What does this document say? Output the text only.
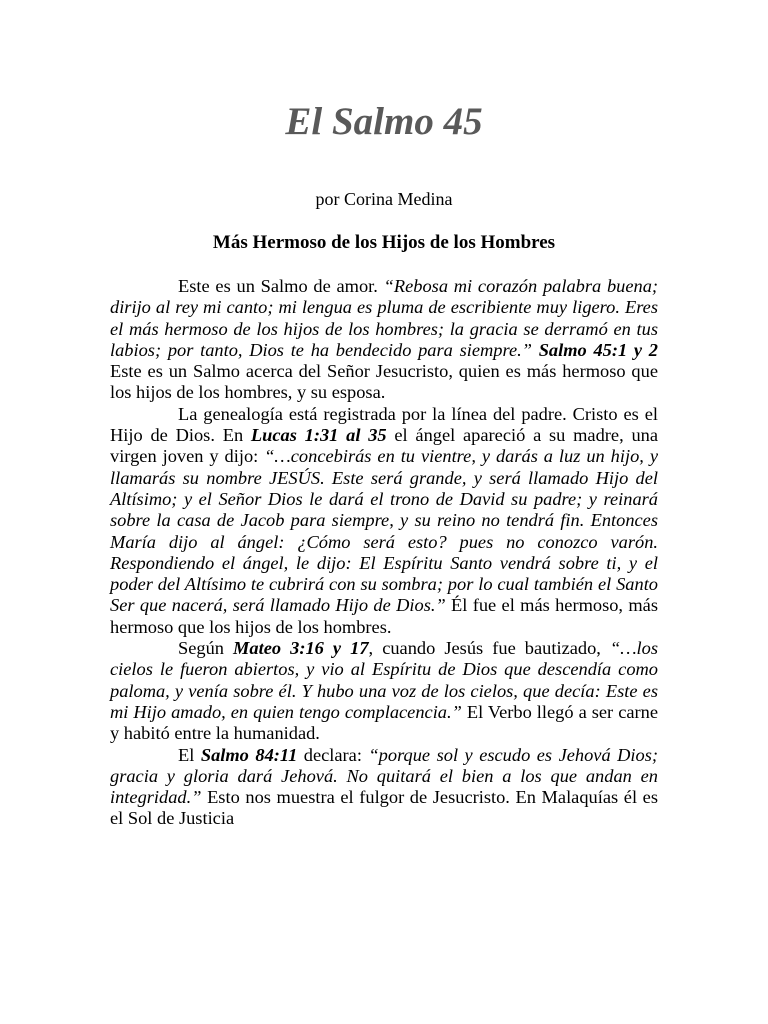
El Salmo 45
por Corina Medina
Más Hermoso de los Hijos de los Hombres

Este es un Salmo de amor. “Rebosa mi corazón palabra buena; dirijo al rey mi canto; mi lengua es pluma de escribiente muy ligero. Eres el más hermoso de los hijos de los hombres; la gracia se derramó en tus labios; por tanto, Dios te ha bendecido para siempre.” Salmo 45:1 y 2 Este es un Salmo acerca del Señor Jesucristo, quien es más hermoso que los hijos de los hombres, y su esposa.

La genealogía está registrada por la línea del padre. Cristo es el Hijo de Dios. En Lucas 1:31 al 35 el ángel apareció a su madre, una virgen joven y dijo: “…concebirás en tu vientre, y darás a luz un hijo, y llamarás su nombre JESÚS. Este será grande, y será llamado Hijo del Altísimo; y el Señor Dios le dará el trono de David su padre; y reinará sobre la casa de Jacob para siempre, y su reino no tendrá fin. Entonces María dijo al ángel: ¿Cómo será esto? pues no conozco varón. Respondiendo el ángel, le dijo: El Espíritu Santo vendrá sobre ti, y el poder del Altísimo te cubrirá con su sombra; por lo cual también el Santo Ser que nacerá, será llamado Hijo de Dios.” Él fue el más hermoso, más hermoso que los hijos de los hombres.

Según Mateo 3:16 y 17, cuando Jesús fue bautizado, “…los cielos le fueron abiertos, y vio al Espíritu de Dios que descendía como paloma, y venía sobre él. Y hubo una voz de los cielos, que decía: Este es mi Hijo amado, en quien tengo complacencia.” El Verbo llegó a ser carne y habitó entre la humanidad.

El Salmo 84:11 declara: “porque sol y escudo es Jehová Dios; gracia y gloria dará Jehová. No quitará el bien a los que andan en integridad.” Esto nos muestra el fulgor de Jesucristo. En Malaquías él es el Sol de Justicia
